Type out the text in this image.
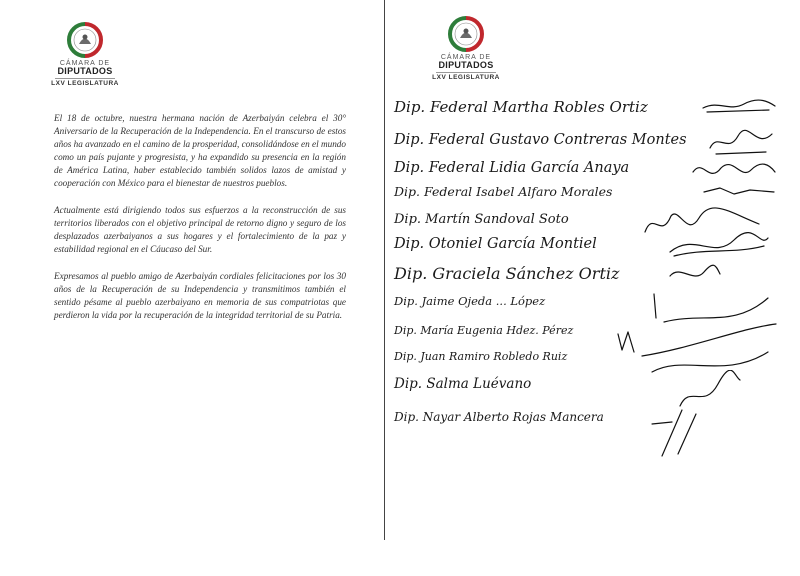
CÁMARA DE
DIPUTADOS
LXV LEGISLATURA

El 18 de octubre, nuestra hermana nación de Azerbaiyán celebra el 30° Aniversario de la Recuperación de la Independencia. En el transcurso de estos años ha avanzado en el camino de la prosperidad, consolidándose en el mundo como un país pujante y progresista, y ha expandido su presencia en la región de América Latina, haber establecido también solidos lazos de amistad y cooperación con México para el bienestar de nuestros pueblos.

Actualmente está dirigiendo todos sus esfuerzos a la reconstrucción de sus territorios liberados con el objetivo principal de retorno digno y seguro de los desplazados azerbaiyanos a sus hogares y el fortalecimiento de la paz y estabilidad regional en el Cáucaso del Sur.

Expresamos al pueblo amigo de Azerbaiyán cordiales felicitaciones por los 30 años de la Recuperación de su Independencia y transmitimos también el sentido pésame al pueblo azerbaiyano en memoria de sus compatriotas que perdieron la vida por la recuperación de la integridad territorial de su Patria.

CÁMARA DE
DIPUTADOS
LXV LEGISLATURA
Dip. Federal Martha Robles Ortiz
Dip. Federal Gustavo Contreras Montes
Dip. Federal Lidia García Anaya
Dip. Federal Isabel Alfaro Morales
Dip. Martín Sandoval Soto
Dip. Otoniel García Montiel
Dip. Graciela Sánchez Ortiz
Dip. Jaime Ojeda ... López
Dip. María Eugenia Hdez. Pérez
Dip. Juan Ramiro Robledo Ruiz
Dip. Salma Luévano
Dip. Nayar Alberto Rojas Mancera
